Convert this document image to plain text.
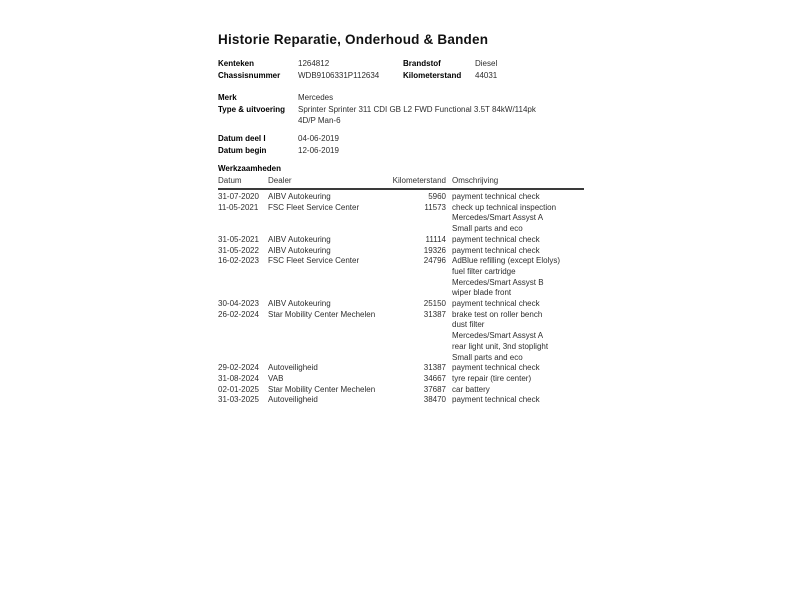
Historie Reparatie, Onderhoud & Banden
Kenteken	1264812	Brandstof	Diesel
Chassisnummer	WDB9106331P112634	Kilometerstand	44031
Merk	Mercedes
Type & uitvoering	Sprinter Sprinter 311 CDI GB L2 FWD Functional 3.5T 84kW/114pk
4D/P Man-6
Datum deel I	04-06-2019
Datum begin	12-06-2019
Werkzaamheden
Datum	Dealer	Kilometerstand Omschrijving
31-07-2020	AIBV Autokeuring	5960 payment technical check
11-05-2021	FSC Fleet Service Center	11573 check up technical inspection
Mercedes/Smart Assyst A
Small parts and eco
31-05-2021	AIBV Autokeuring	11114 payment technical check
31-05-2022	AIBV Autokeuring	19326 payment technical check
16-02-2023	FSC Fleet Service Center	24796 AdBlue refilling (except Elolys)
fuel filter cartridge
Mercedes/Smart Assyst B
wiper blade front
30-04-2023	AIBV Autokeuring	25150 payment technical check
26-02-2024	Star Mobility Center Mechelen	31387 brake test on roller bench
dust filter
Mercedes/Smart Assyst A
rear light unit, 3nd stoplight
Small parts and eco
29-02-2024	Autoveiligheid	31387 payment technical check
31-08-2024	VAB	34667 tyre repair (tire center)
02-01-2025	Star Mobility Center Mechelen	37687 car battery
31-03-2025	Autoveiligheid	38470 payment technical check
